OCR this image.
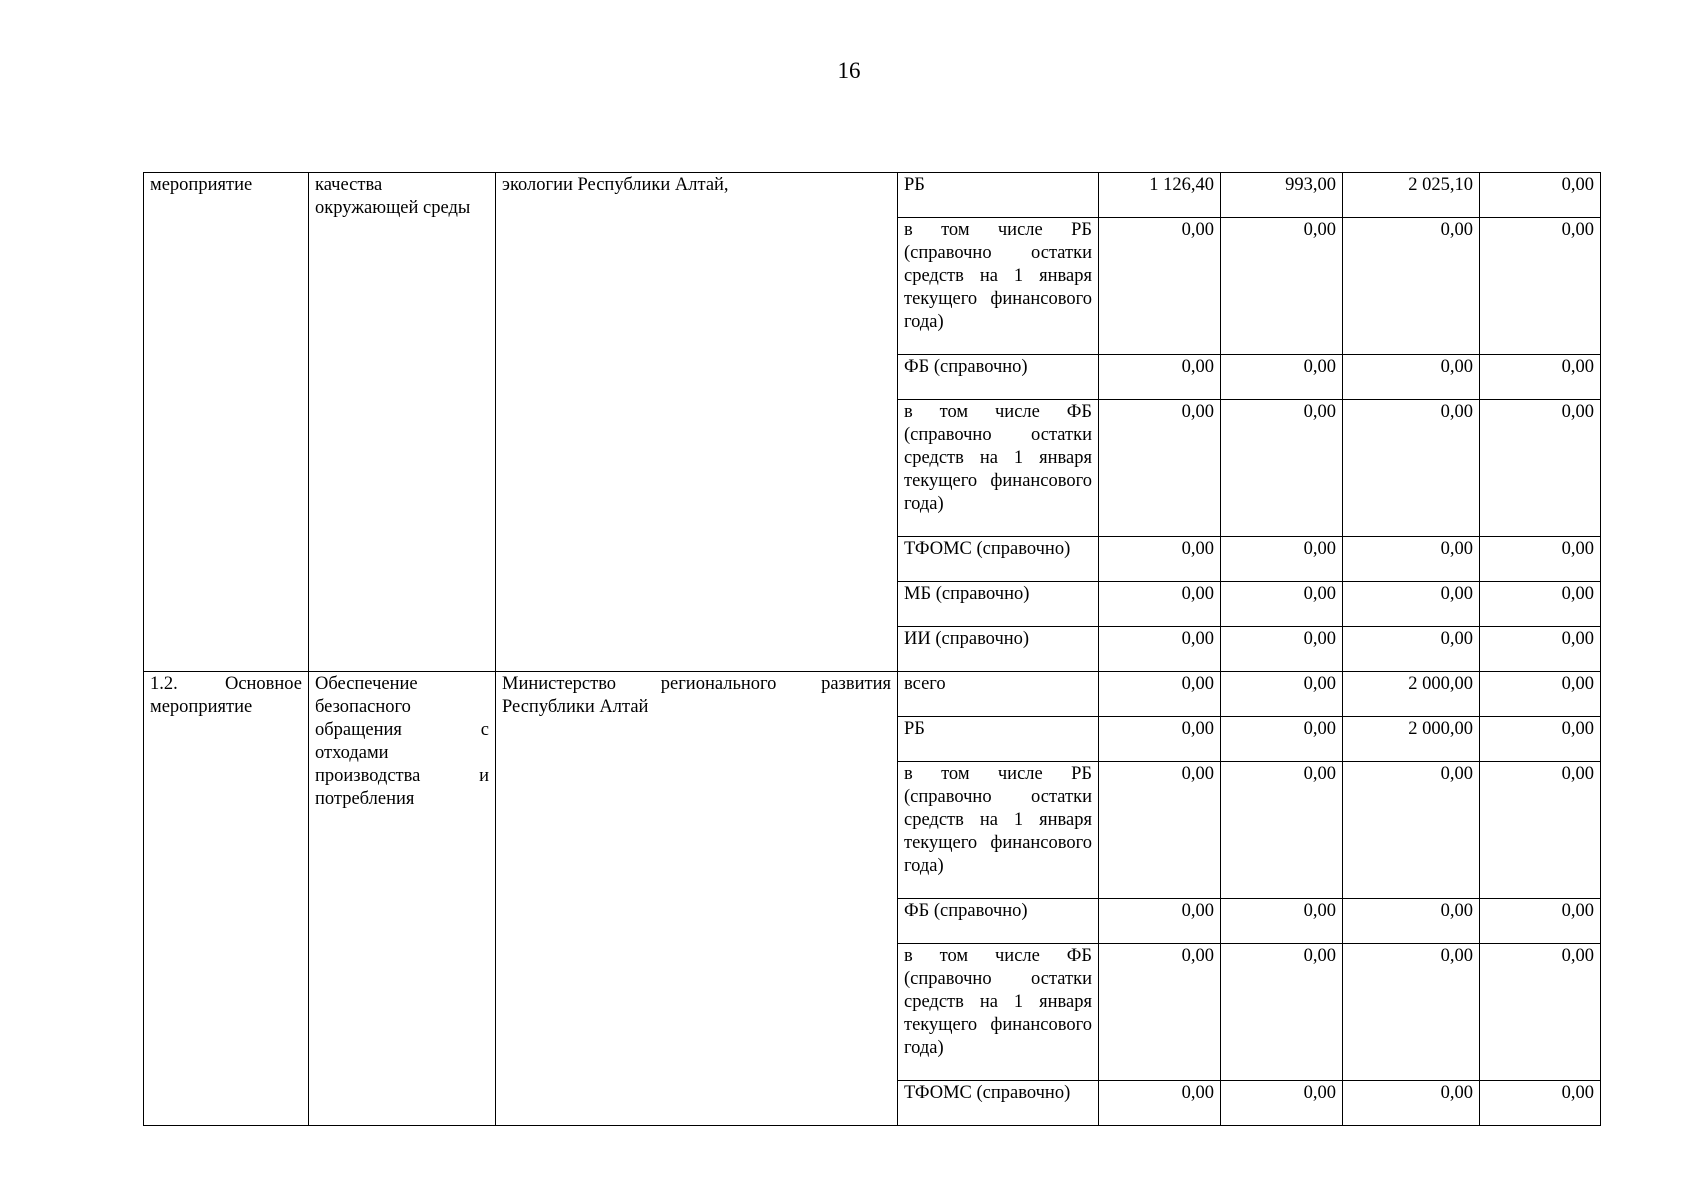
16
мероприятие	качества окружающей среды	экологии Республики Алтай,	РБ	1 126,40	993,00	2 025,10	0,00
			в том числе РБ (справочно остатки средств на 1 января текущего финансового года)	0,00	0,00	0,00	0,00
			ФБ (справочно)	0,00	0,00	0,00	0,00
			в том числе ФБ (справочно остатки средств на 1 января текущего финансового года)	0,00	0,00	0,00	0,00
			ТФОМС (справочно)	0,00	0,00	0,00	0,00
			МБ (справочно)	0,00	0,00	0,00	0,00
			ИИ (справочно)	0,00	0,00	0,00	0,00
1.2. Основное мероприятие	Обеспечение безопасного обращения с отходами производства и потребления	Министерство регионального развития Республики Алтай	всего	0,00	0,00	2 000,00	0,00
			РБ	0,00	0,00	2 000,00	0,00
			в том числе РБ (справочно остатки средств на 1 января текущего финансового года)	0,00	0,00	0,00	0,00
			ФБ (справочно)	0,00	0,00	0,00	0,00
			в том числе ФБ (справочно остатки средств на 1 января текущего финансового года)	0,00	0,00	0,00	0,00
			ТФОМС (справочно)	0,00	0,00	0,00	0,00
